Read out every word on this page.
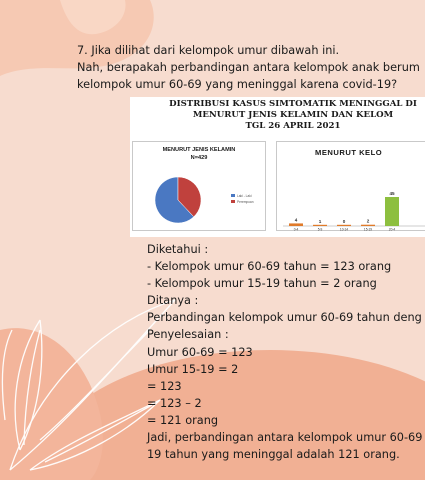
7. Jika dilihat dari kelompok umur dibawah ini.
Nah, berapakah perbandingan antara kelompok anak berum
kelompok umur 60-69 yang meninggal karena covid-19?
DISTRIBUSI KASUS SIMTOMATIK MENINGGAL DI
MENURUT JENIS KELAMIN DAN KELOM
TGL 26 APRIL 2021
MENURUT JENIS KELAMIN
N=429
Laki - Laki
Perempuan
MENURUT KELO
4
0-4
1
5-9
0
10-14
2
15-19
45
20-4
Diketahui :
- Kelompok umur 60-69 tahun = 123 orang
- Kelompok umur 15-19 tahun = 2 orang
Ditanya :
Perbandingan kelompok umur 60-69 tahun deng
Penyelesaian :
Umur 60-69 = 123
Umur 15-19 = 2
= 123
= 123 – 2
= 121 orang
Jadi, perbandingan antara kelompok umur 60-69
19 tahun yang meninggal adalah 121 orang.
